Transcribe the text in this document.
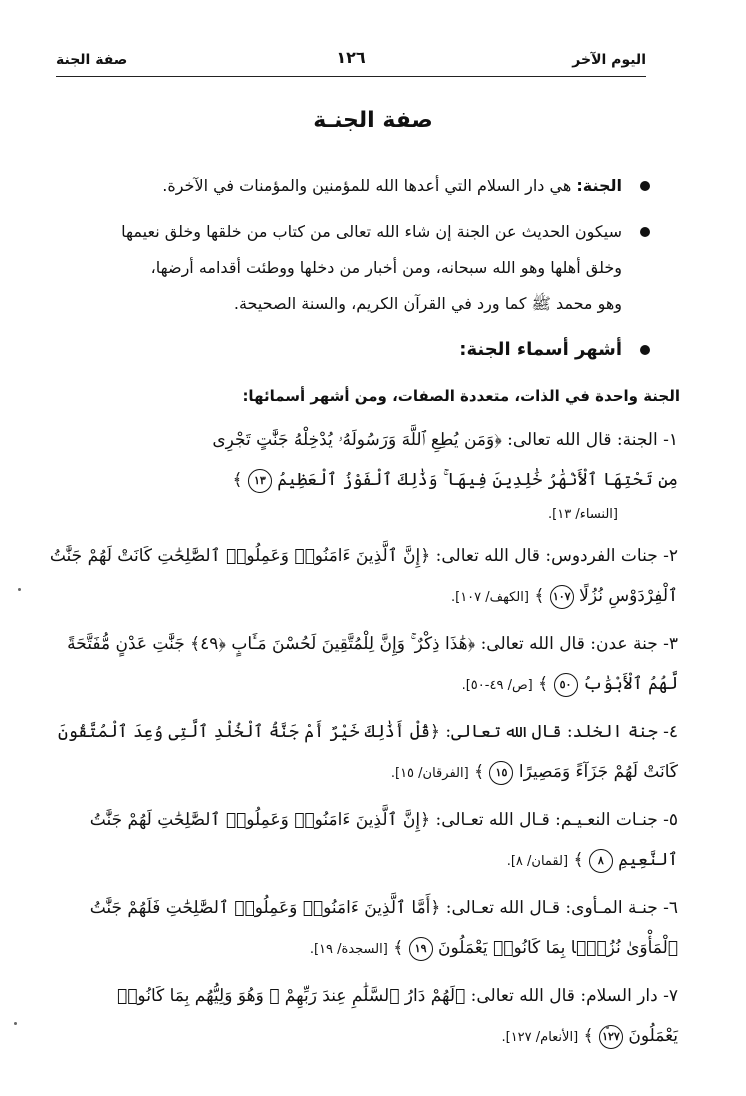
اليوم الآخر
١٢٦
صفة الجنة
صفة الجنـة
الجنة: هي دار السلام التي أعدها الله للمؤمنين والمؤمنات في الآخرة.
سيكون الحديث عن الجنة إن شاء الله تعالى من كتاب من خلقها وخلق نعيمها
وخلق أهلها وهو الله سبحانه، ومن أخبار من دخلها ووطئت أقدامه أرضها،
وهو محمد ﷺ كما ورد في القرآن الكريم، والسنة الصحيحة.
أشهر أسماء الجنة:
الجنة واحدة في الذات، متعددة الصفات، ومن أشهر أسمائها:
١- الجنة: قال الله تعالى: ﴿وَمَن يُطِعِ ٱللَّهَ وَرَسُولَهُۥ يُدْخِلْهُ جَنَّٰتٍ تَجْرِى
مِن تَحْتِهَا ٱلْأَنْهَٰرُ خَٰلِدِينَ فِيهَا ۚ وَذَٰلِكَ ٱلْفَوْزُ ٱلْعَظِيمُ ١٣ ﴾
[النساء/ ١٣].
٢- جنات الفردوس: قال الله تعالى: ﴿إِنَّ ٱلَّذِينَ ءَامَنُوا۟ وَعَمِلُوا۟ ٱلصَّٰلِحَٰتِ كَانَتْ لَهُمْ جَنَّٰتُ
ٱلْفِرْدَوْسِ نُزُلًا ١٠٧ ﴾ [الكهف/ ١٠٧].
٣- جنة عدن: قال الله تعالى: ﴿هَٰذَا ذِكْرٌ ۚ وَإِنَّ لِلْمُتَّقِينَ لَحُسْنَ مَـَٔابٍ ﴿٤٩﴾ جَنَّٰتِ عَدْنٍ مُّفَتَّحَةً
لَّهُمُ ٱلْأَبْوَٰبُ ٥٠ ﴾ [ص/ ٤٩-٥٠].
٤- جنة الخلد: قال الله تعالى: ﴿قُلْ أَذَٰلِكَ خَيْرٌ أَمْ جَنَّةُ ٱلْخُلْدِ ٱلَّتِى وُعِدَ ٱلْمُتَّقُونَ
كَانَتْ لَهُمْ جَزَآءً وَمَصِيرًا ١٥ ﴾ [الفرقان/ ١٥].
٥- جنـات النعـيـم: قـال الله تعـالى: ﴿إِنَّ ٱلَّذِينَ ءَامَنُوا۟ وَعَمِلُوا۟ ٱلصَّٰلِحَٰتِ لَهُمْ جَنَّٰتُ
ٱلنَّعِيمِ ٨ ﴾ [لقمان/ ٨].
٦- جنـة المـأوى: قـال الله تعـالى: ﴿أَمَّا ٱلَّذِينَ ءَامَنُوا۟ وَعَمِلُوا۟ ٱلصَّٰلِحَٰتِ فَلَهُمْ جَنَّٰتُ
ٱلْمَأْوَىٰ نُزُلًۢا بِمَا كَانُوا۟ يَعْمَلُونَ ١٩ ﴾ [السجدة/ ١٩].
٧- دار السلام: قال الله تعالى: ﴿لَهُمْ دَارُ ٱلسَّلَٰمِ عِندَ رَبِّهِمْ ۖ وَهُوَ وَلِيُّهُم بِمَا كَانُوا۟
يَعْمَلُونَ ١٢٧ ﴾ [الأنعام/ ١٢٧].
